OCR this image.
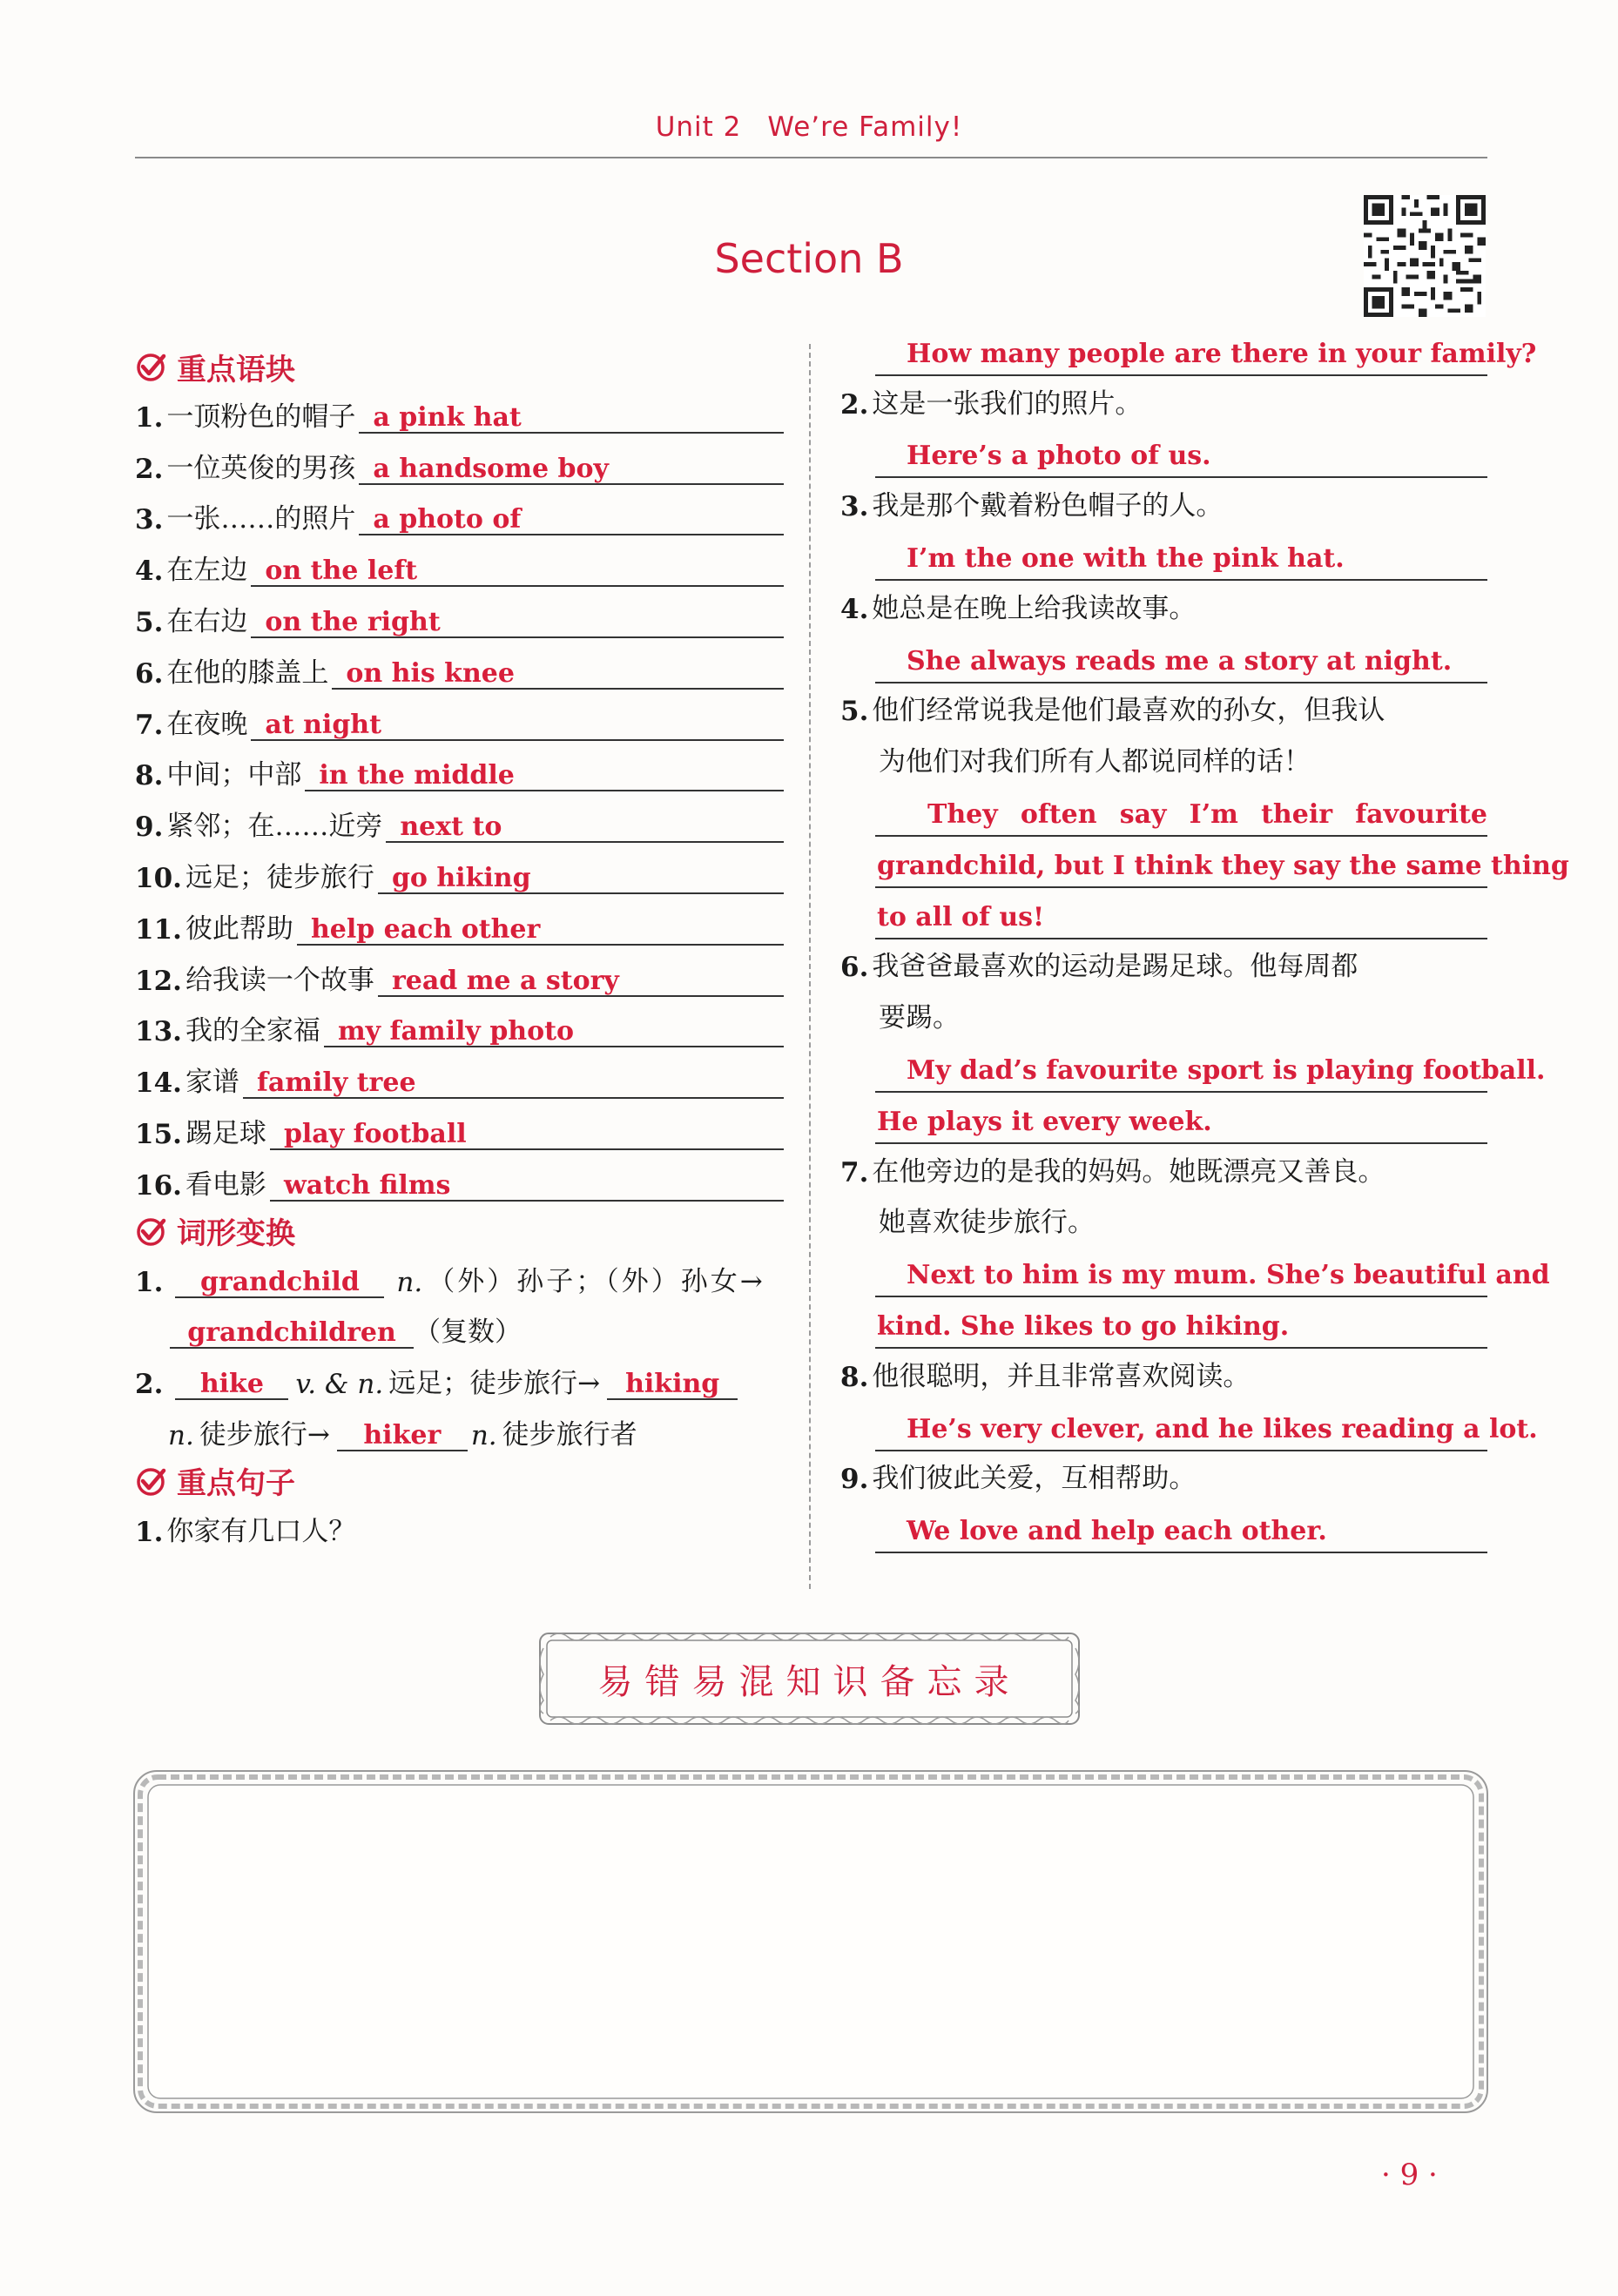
Unit 2 We’re Family!
Section B
重点语块
1. 一顶粉色的帽子 a pink hat
2. 一位英俊的男孩 a handsome boy
3. 一张……的照片 a photo of
4. 在左边 on the left
5. 在右边 on the right
6. 在他的膝盖上 on his knee
7. 在夜晚 at night
8. 中间；中部 in the middle
9. 紧邻；在……近旁 next to
10. 远足；徒步旅行 go hiking
11. 彼此帮助 help each other
12. 给我读一个故事 read me a story
13. 我的全家福 my family photo
14. 家谱 family tree
15. 踢足球 play football
16. 看电影 watch films
词形变换
1.	grandchild	n. （外）孙子；（外）孙女→
grandchildren （复数）
2.	hike	v. & n. 远足；徒步旅行→ hiking
n. 徒步旅行→	hiker	n. 徒步旅行者
重点句子
1. 你家有几口人？
How many people are there in your family?
2. 这是一张我们的照片。
Here’s a photo of us.
3. 我是那个戴着粉色帽子的人。
I’m the one with the pink hat.
4. 她总是在晚上给我读故事。
She always reads me a story at night.
5. 他们经常说我是他们最喜欢的孙女，但我认
为他们对我们所有人都说同样的话！
They often say I’m their favourite
grandchild, but I think they say the same thing
to all of us!
6. 我爸爸最喜欢的运动是踢足球。他每周都
要踢。
My dad’s favourite sport is playing football.
He plays it every week.
7. 在他旁边的是我的妈妈。她既漂亮又善良。
她喜欢徒步旅行。
Next to him is my mum. She’s beautiful and
kind. She likes to go hiking.
8. 他很聪明，并且非常喜欢阅读。
He’s very clever, and he likes reading a lot.
9. 我们彼此关爱，互相帮助。
We love and help each other.
易错易混知识备忘录
· 9 ·
